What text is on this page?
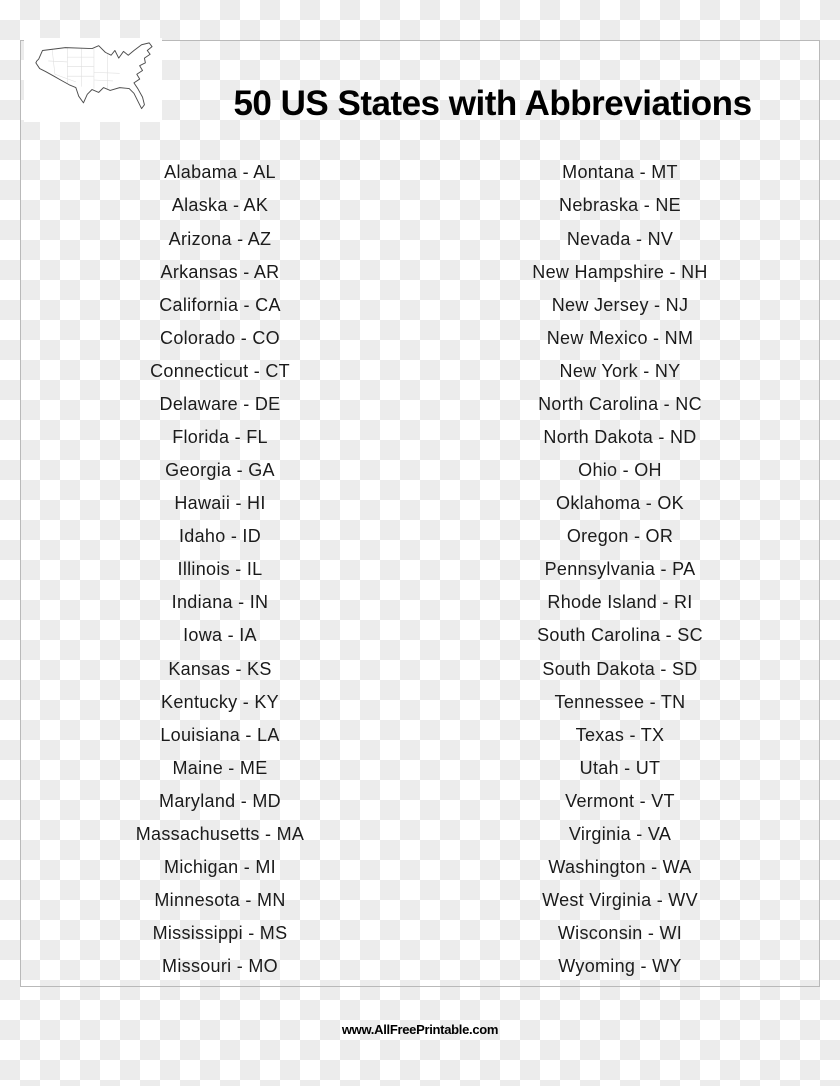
50 US States with Abbreviations
Alabama - AL
Alaska - AK
Arizona - AZ
Arkansas - AR
California - CA
Colorado - CO
Connecticut - CT
Delaware - DE
Florida - FL
Georgia - GA
Hawaii - HI
Idaho - ID
Illinois - IL
Indiana - IN
Iowa - IA
Kansas - KS
Kentucky - KY
Louisiana - LA
Maine - ME
Maryland - MD
Massachusetts - MA
Michigan - MI
Minnesota - MN
Mississippi - MS
Missouri - MO
Montana - MT
Nebraska - NE
Nevada - NV
New Hampshire - NH
New Jersey - NJ
New Mexico - NM
New York - NY
North Carolina - NC
North Dakota - ND
Ohio - OH
Oklahoma - OK
Oregon - OR
Pennsylvania - PA
Rhode Island - RI
South Carolina - SC
South Dakota - SD
Tennessee - TN
Texas - TX
Utah - UT
Vermont - VT
Virginia - VA
Washington - WA
West Virginia - WV
Wisconsin - WI
Wyoming - WY
www.AllFreePrintable.com
